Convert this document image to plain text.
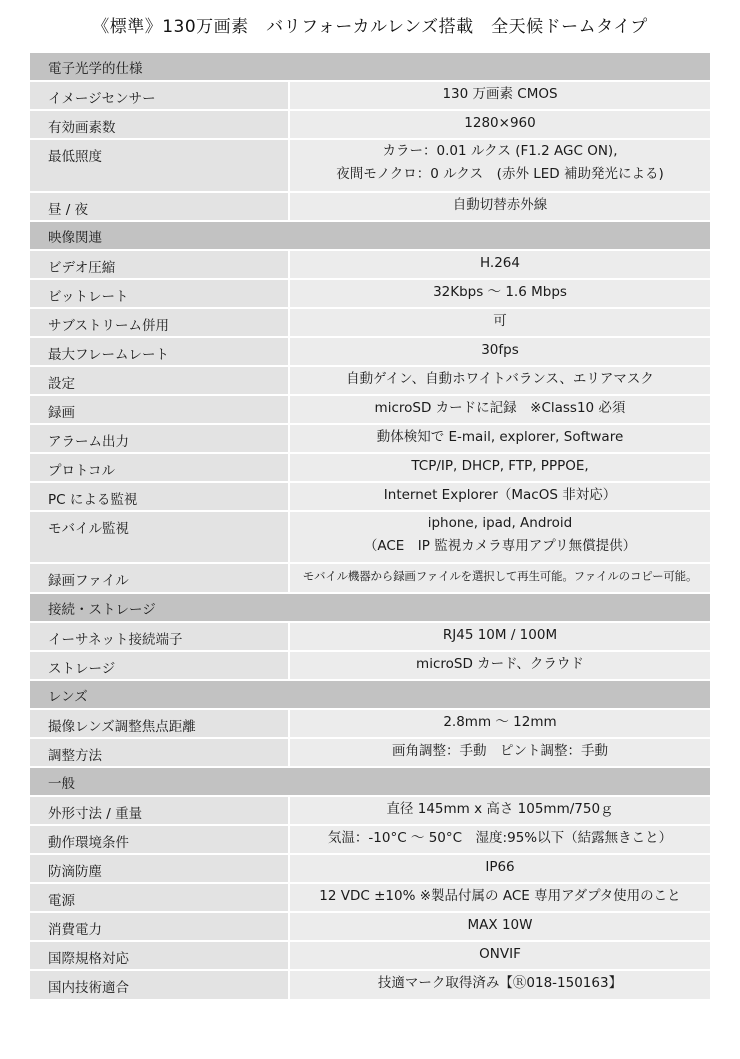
《標準》130万画素　バリフォーカルレンズ搭載　全天候ドームタイプ
電子光学的仕様
イメージセンサー	130 万画素 CMOS
有効画素数	1280×960
最低照度	カラー：0.01 ルクス (F1.2 AGC ON),
夜間モノクロ：0 ルクス　(赤外 LED 補助発光による)
昼 / 夜	自動切替赤外線
映像関連
ビデオ圧縮	H.264
ビットレート	32Kbps ～ 1.6 Mbps
サブストリーム併用	可
最大フレームレート	30fps
設定	自動ゲイン、自動ホワイトバランス、エリアマスク
録画	microSD カードに記録　※Class10 必須
アラーム出力	動体検知で E-mail, explorer, Software
プロトコル	TCP/IP, DHCP, FTP, PPPOE,
PC による監視	Internet Explorer（MacOS 非対応）
モバイル監視	iphone, ipad, Android
（ACE　IP 監視カメラ専用アプリ無償提供）
録画ファイル	モバイル機器から録画ファイルを選択して再生可能。ファイルのコピー可能。
接続・ストレージ
イーサネット接続端子	RJ45 10M / 100M
ストレージ	microSD カード、クラウド
レンズ
撮像レンズ調整焦点距離	2.8mm ～ 12mm
調整方法	画角調整：手動　ピント調整：手動
一般
外形寸法 / 重量	直径 145mm x 高さ 105mm/750ｇ
動作環境条件	気温：-10°C ～ 50°C　湿度:95%以下（結露無きこと）
防滴防塵	IP66
電源	12 VDC ±10% ※製品付属の ACE 専用アダプタ使用のこと
消費電力	MAX 10W
国際規格対応	ONVIF
国内技術適合	技適マーク取得済み【Ⓡ018-150163】
